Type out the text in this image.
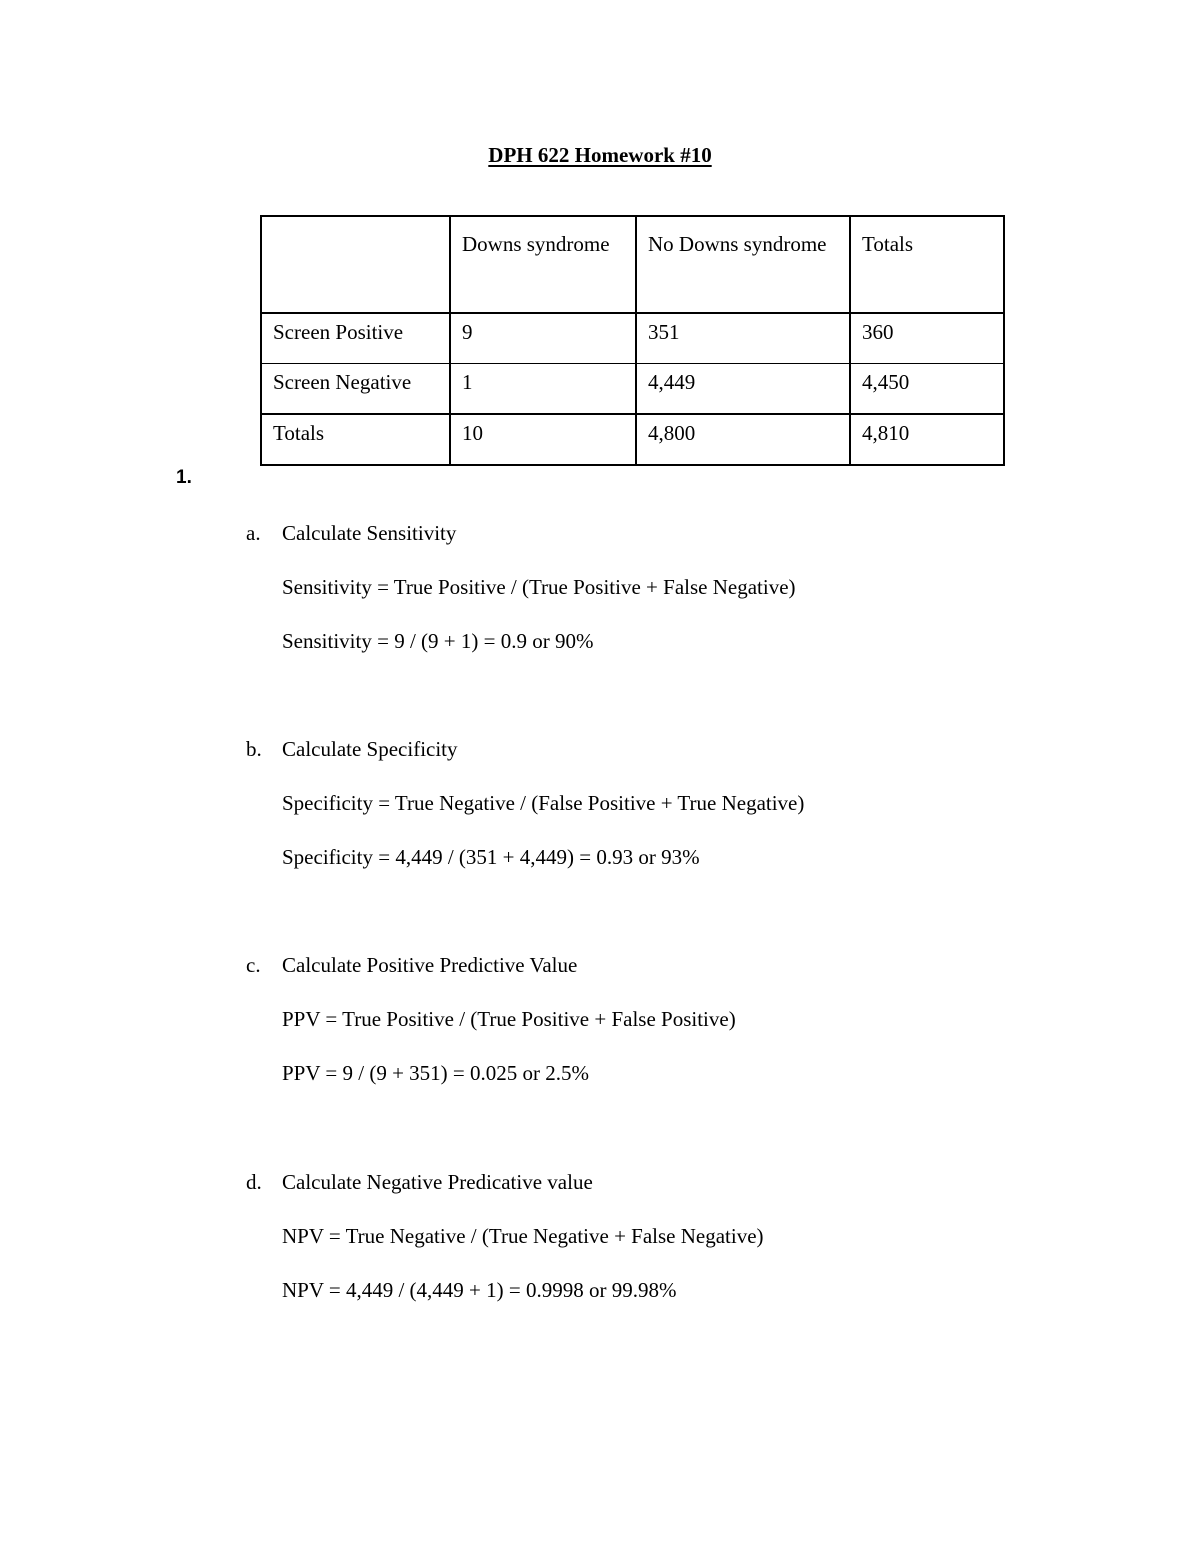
DPH 622 Homework #10
	Downs syndrome	No Downs syndrome	Totals
Screen Positive	9	351	360
Screen Negative	1	4,449	4,450
Totals	10	4,800	4,810
1.
a. Calculate Sensitivity
Sensitivity = True Positive / (True Positive + False Negative)
Sensitivity = 9 / (9 + 1) = 0.9 or 90%
b. Calculate Specificity
Specificity = True Negative / (False Positive + True Negative)
Specificity = 4,449 / (351 + 4,449) = 0.93 or 93%
c. Calculate Positive Predictive Value
PPV = True Positive / (True Positive + False Positive)
PPV = 9 / (9 + 351) = 0.025 or 2.5%
d. Calculate Negative Predicative value
NPV = True Negative / (True Negative + False Negative)
NPV = 4,449 / (4,449 + 1) = 0.9998 or 99.98%
